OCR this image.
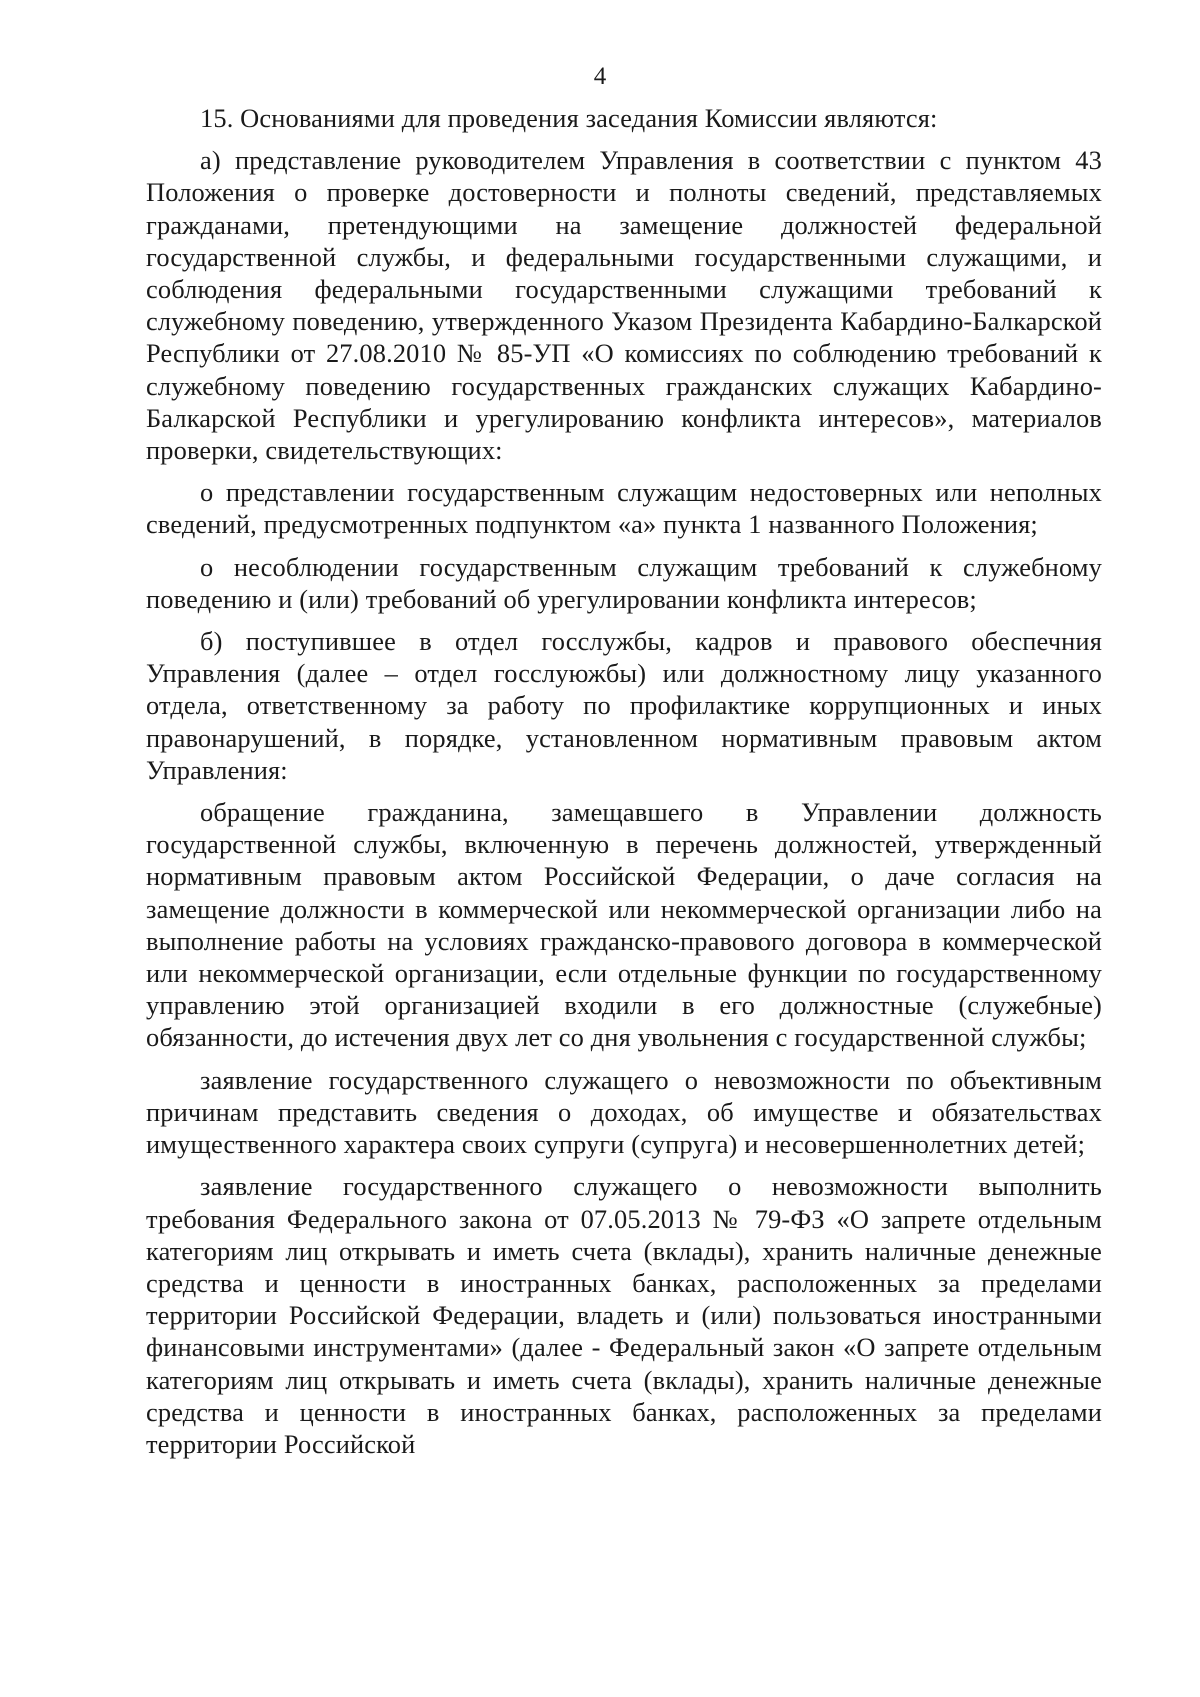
4

15. Основаниями для проведения заседания Комиссии являются:

а) представление руководителем Управления в соответствии с пунктом 43 Положения о проверке достоверности и полноты сведений, представляемых гражданами, претендующими на замещение должностей федеральной государственной службы, и федеральными государственными служащими, и соблюдения федеральными государственными служащими требований к служебному поведению, утвержденного Указом Президента Кабардино-Балкарской Республики от 27.08.2010 № 85-УП «О комиссиях по соблюдению требований к служебному поведению государственных гражданских служащих Кабардино-Балкарской Республики и урегулированию конфликта интересов», материалов проверки, свидетельствующих:

о представлении государственным служащим недостоверных или неполных сведений, предусмотренных подпунктом «а» пункта 1 названного Положения;

о несоблюдении государственным служащим требований к служебному поведению и (или) требований об урегулировании конфликта интересов;

б) поступившее в отдел госслужбы, кадров и правового обеспечния Управления (далее – отдел госслуюжбы) или должностному лицу указанного отдела, ответственному за работу по профилактике коррупционных и иных правонарушений, в порядке, установленном нормативным правовым актом Управления:

обращение гражданина, замещавшего в Управлении должность государственной службы, включенную в перечень должностей, утвержденный нормативным правовым актом Российской Федерации, о даче согласия на замещение должности в коммерческой или некоммерческой организации либо на выполнение работы на условиях гражданско-правового договора в коммерческой или некоммерческой организации, если отдельные функции по государственному управлению этой организацией входили в его должностные (служебные) обязанности, до истечения двух лет со дня увольнения с государственной службы;

заявление государственного служащего о невозможности по объективным причинам представить сведения о доходах, об имуществе и обязательствах имущественного характера своих супруги (супруга) и несовершеннолетних детей;

заявление государственного служащего о невозможности выполнить требования Федерального закона от 07.05.2013 № 79-ФЗ «О запрете отдельным категориям лиц открывать и иметь счета (вклады), хранить наличные денежные средства и ценности в иностранных банках, расположенных за пределами территории Российской Федерации, владеть и (или) пользоваться иностранными финансовыми инструментами» (далее - Федеральный закон «О запрете отдельным категориям лиц открывать и иметь счета (вклады), хранить наличные денежные средства и ценности в иностранных банках, расположенных за пределами территории Российской
